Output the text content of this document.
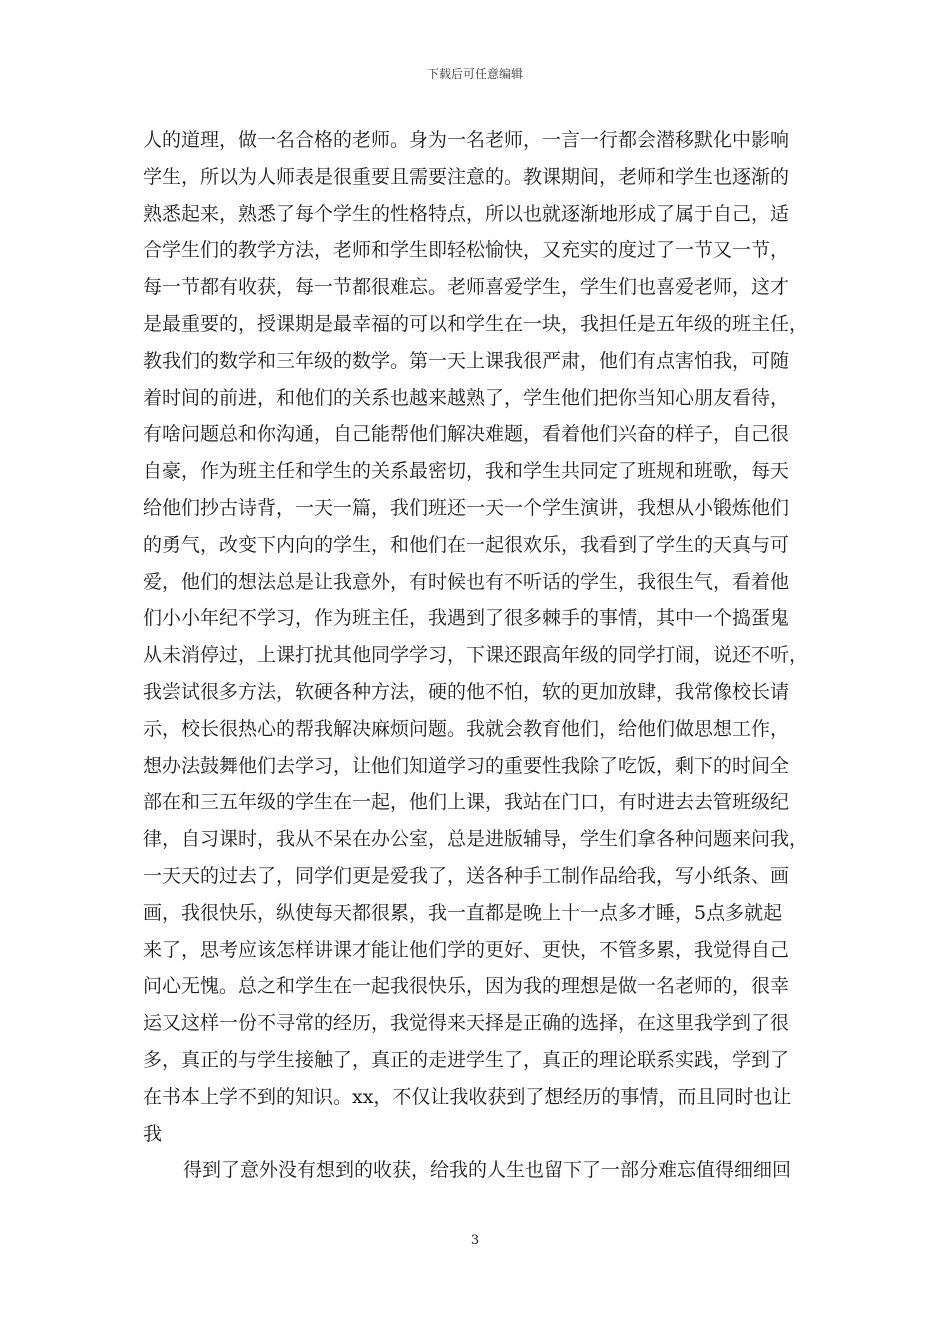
下载后可任意编辑
人的道理，做一名合格的老师。身为一名老师，一言一行都会潜移默化中影响
学生，所以为人师表是很重要且需要注意的。教课期间，老师和学生也逐渐的
熟悉起来，熟悉了每个学生的性格特点，所以也就逐渐地形成了属于自己，适
合学生们的教学方法，老师和学生即轻松愉快，又充实的度过了一节又一节，
每一节都有收获，每一节都很难忘。老师喜爱学生，学生们也喜爱老师，这才
是最重要的，授课期是最幸福的可以和学生在一块，我担任是五年级的班主任，
教我们的数学和三年级的数学。第一天上课我很严肃，他们有点害怕我，可随
着时间的前进，和他们的关系也越来越熟了，学生他们把你当知心朋友看待，
有啥问题总和你沟通，自己能帮他们解决难题，看着他们兴奋的样子，自己很
自豪，作为班主任和学生的关系最密切，我和学生共同定了班规和班歌，每天
给他们抄古诗背，一天一篇，我们班还一天一个学生演讲，我想从小锻炼他们
的勇气，改变下内向的学生，和他们在一起很欢乐，我看到了学生的天真与可
爱，他们的想法总是让我意外，有时候也有不听话的学生，我很生气，看着他
们小小年纪不学习，作为班主任，我遇到了很多棘手的事情，其中一个捣蛋鬼
从未消停过，上课打扰其他同学学习，下课还跟高年级的同学打闹，说还不听，
我尝试很多方法，软硬各种方法，硬的他不怕，软的更加放肆，我常像校长请
示，校长很热心的帮我解决麻烦问题。我就会教育他们，给他们做思想工作，
想办法鼓舞他们去学习，让他们知道学习的重要性我除了吃饭，剩下的时间全
部在和三五年级的学生在一起，他们上课，我站在门口，有时进去去管班级纪
律，自习课时，我从不呆在办公室，总是进版辅导，学生们拿各种问题来问我，
一天天的过去了，同学们更是爱我了，送各种手工制作品给我，写小纸条、画
画，我很快乐，纵使每天都很累，我一直都是晚上十一点多才睡，5点多就起
来了，思考应该怎样讲课才能让他们学的更好、更快，不管多累，我觉得自己
问心无愧。总之和学生在一起我很快乐，因为我的理想是做一名老师的，很幸
运又这样一份不寻常的经历，我觉得来天择是正确的选择，在这里我学到了很
多，真正的与学生接触了，真正的走进学生了，真正的理论联系实践，学到了
在书本上学不到的知识。xx，不仅让我收获到了想经历的事情，而且同时也让
我
得到了意外没有想到的收获，给我的人生也留下了一部分难忘值得细细回
3
